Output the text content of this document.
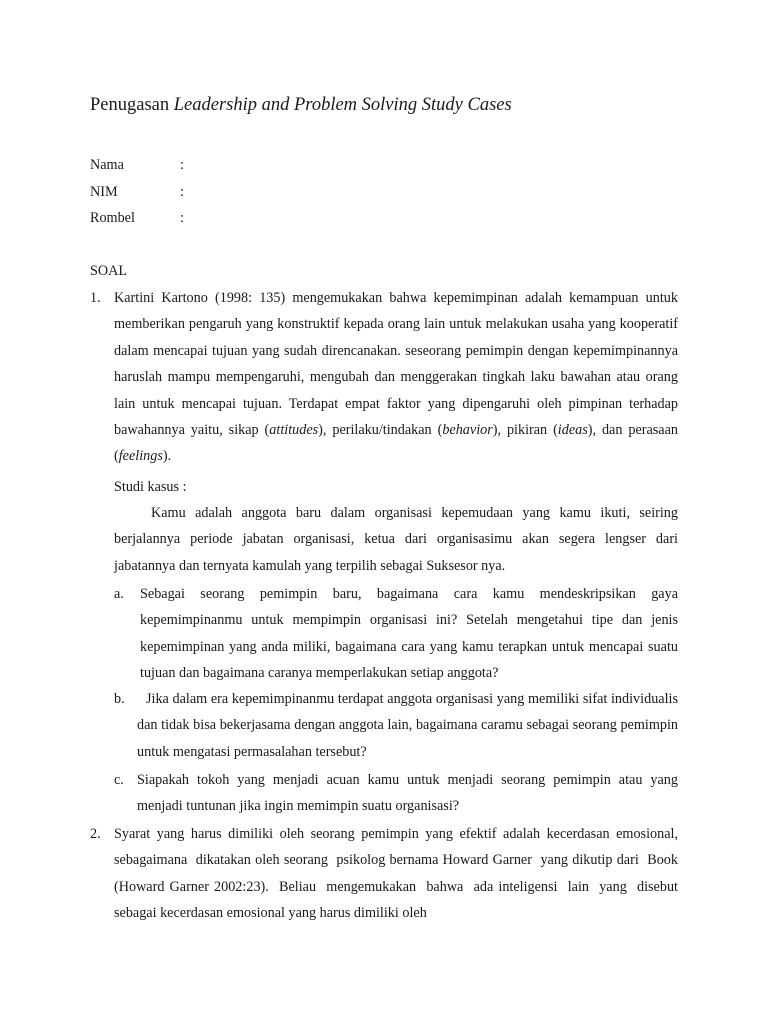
Penugasan Leadership and Problem Solving Study Cases
Nama	:
NIM	:
Rombel	:
SOAL
1. Kartini Kartono (1998: 135) mengemukakan bahwa kepemimpinan adalah kemampuan untuk memberikan pengaruh yang konstruktif kepada orang lain untuk melakukan usaha yang kooperatif dalam mencapai tujuan yang sudah direncanakan. seseorang pemimpin dengan kepemimpinannya haruslah mampu mempengaruhi, mengubah dan menggerakan tingkah laku bawahan atau orang lain untuk mencapai tujuan. Terdapat empat faktor yang dipengaruhi oleh pimpinan terhadap bawahannya yaitu, sikap (attitudes), perilaku/tindakan (behavior), pikiran (ideas), dan perasaan (feelings).
Studi kasus :
Kamu adalah anggota baru dalam organisasi kepemudaan yang kamu ikuti, seiring berjalannya periode jabatan organisasi, ketua dari organisasimu akan segera lengser dari jabatannya dan ternyata kamulah yang terpilih sebagai Suksesor nya.
a. Sebagai seorang pemimpin baru, bagaimana cara kamu mendeskripsikan gaya kepemimpinanmu untuk mempimpin organisasi ini? Setelah mengetahui tipe dan jenis kepemimpinan yang anda miliki, bagaimana cara yang kamu terapkan untuk mencapai suatu tujuan dan bagaimana caranya memperlakukan setiap anggota?
b.	Jika dalam era kepemimpinanmu terdapat anggota organisasi yang memiliki sifat individualis dan tidak bisa bekerjasama dengan anggota lain, bagaimana caramu sebagai seorang pemimpin untuk mengatasi permasalahan tersebut?
c. Siapakah tokoh yang menjadi acuan kamu untuk menjadi seorang pemimpin atau yang menjadi tuntunan jika ingin memimpin suatu organisasi?
2. Syarat yang harus dimiliki oleh seorang pemimpin yang efektif adalah kecerdasan emosional, sebagaimana  dikatakan oleh seorang  psikolog bernama Howard Garner  yang dikutip dari  Book  (Howard Garner 2002:23).  Beliau  mengemukakan  bahwa  ada inteligensi  lain  yang  disebut  sebagai kecerdasan emosional yang harus dimiliki oleh
